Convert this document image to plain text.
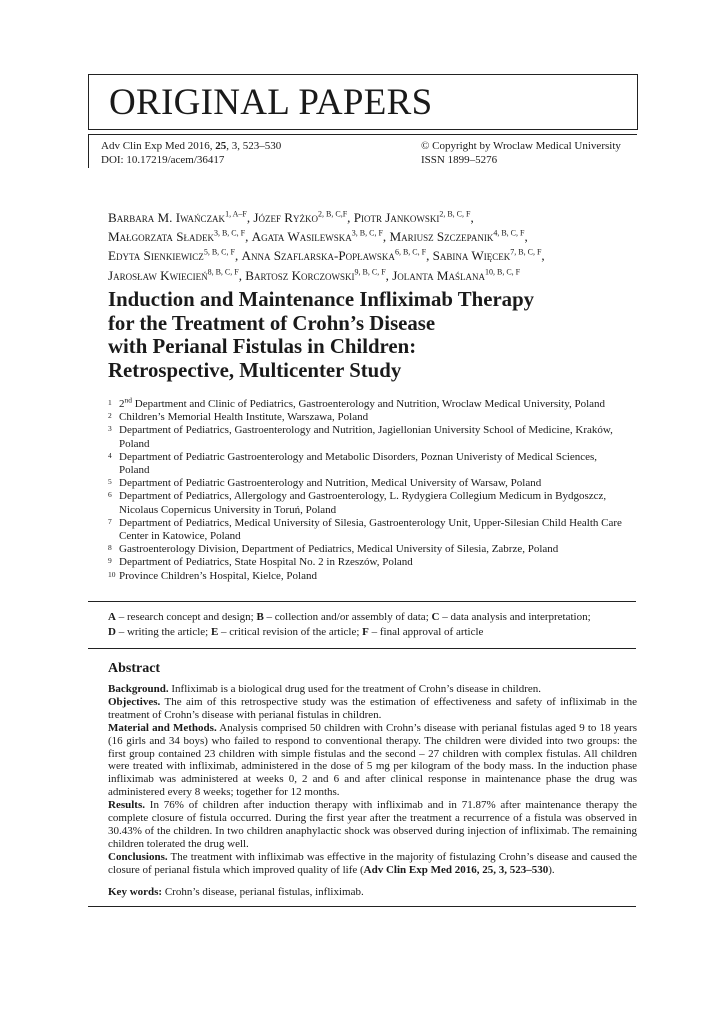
ORIGINAL PAPERS
Adv Clin Exp Med 2016, 25, 3, 523–530
DOI: 10.17219/acem/36417
© Copyright by Wroclaw Medical University
ISSN 1899–5276
Barbara M. Iwańczak$^{1, A-F}$, Józef Ryżko$^{2, B, C,F}$, Piotr Jankowski$^{2, B, C, F}$,
Małgorzata Sładek$^{3, B, C, F}$, Agata Wasilewska$^{3, B, C, F}$, Mariusz Szczepanik$^{4, B, C, F}$,
Edyta Sienkiewicz$^{5, B, C, F}$, Anna Szaflarska-Popławska$^{6, B, C, F}$, Sabina Więcek$^{7, B, C, F}$,
Jarosław Kwiecień$^{8, B, C, F}$, Bartosz Korczowski$^{9, B, C, F}$, Jolanta Maślana$^{10, B, C, F}$
Induction and Maintenance Infliximab Therapy
for the Treatment of Crohn’s Disease
with Perianal Fistulas in Children:
Retrospective, Multicenter Study
1 2nd Department and Clinic of Pediatrics, Gastroenterology and Nutrition, Wroclaw Medical University, Poland
2 Children’s Memorial Health Institute, Warszawa, Poland
3 Department of Pediatrics, Gastroenterology and Nutrition, Jagiellonian University School of Medicine, Kraków, Poland
4 Department of Pediatric Gastroenterology and Metabolic Disorders, Poznan Univeristy of Medical Sciences, Poland
5 Department of Pediatric Gastroenterology and Nutrition, Medical University of Warsaw, Poland
6 Department of Pediatrics, Allergology and Gastroenterology, L. Rydygiera Collegium Medicum in Bydgoszcz, Nicolaus Copernicus University in Toruń, Poland
7 Department of Pediatrics, Medical University of Silesia, Gastroenterology Unit, Upper-Silesian Child Health Care Center in Katowice, Poland
8 Gastroenterology Division, Department of Pediatrics, Medical University of Silesia, Zabrze, Poland
9 Department of Pediatrics, State Hospital No. 2 in Rzeszów, Poland
10 Province Children’s Hospital, Kielce, Poland
A – research concept and design; B – collection and/or assembly of data; C – data analysis and interpretation;
D – writing the article; E – critical revision of the article; F – final approval of article
Abstract

Background. Infliximab is a biological drug used for the treatment of Crohn’s disease in children.

Objectives. The aim of this retrospective study was the estimation of effectiveness and safety of infliximab in the treatment of Crohn’s disease with perianal fistulas in children.

Material and Methods. Analysis comprised 50 children with Crohn’s disease with perianal fistulas aged 9 to 18 years (16 girls and 34 boys) who failed to respond to conventional therapy. The children were divided into two groups: the first group contained 23 children with simple fistulas and the second – 27 children with complex fistulas. All children were treated with infliximab, administered in the dose of 5 mg per kilogram of the body mass. In the induction phase infliximab was administered at weeks 0, 2 and 6 and after clinical response in maintenance phase the drug was administered every 8 weeks; together for 12 months.

Results. In 76% of children after induction therapy with infliximab and in 71.87% after maintenance therapy the complete closure of fistula occurred. During the first year after the treatment a recurrence of a fistula was observed in 30.43% of the children. In two children anaphylactic shock was observed during injection of infliximab. The remaining children tolerated the drug well.

Conclusions. The treatment with infliximab was effective in the majority of fistulazing Crohn’s disease and caused the closure of perianal fistula which improved quality of life (Adv Clin Exp Med 2016, 25, 3, 523–530).

Key words: Crohn’s disease, perianal fistulas, infliximab.
